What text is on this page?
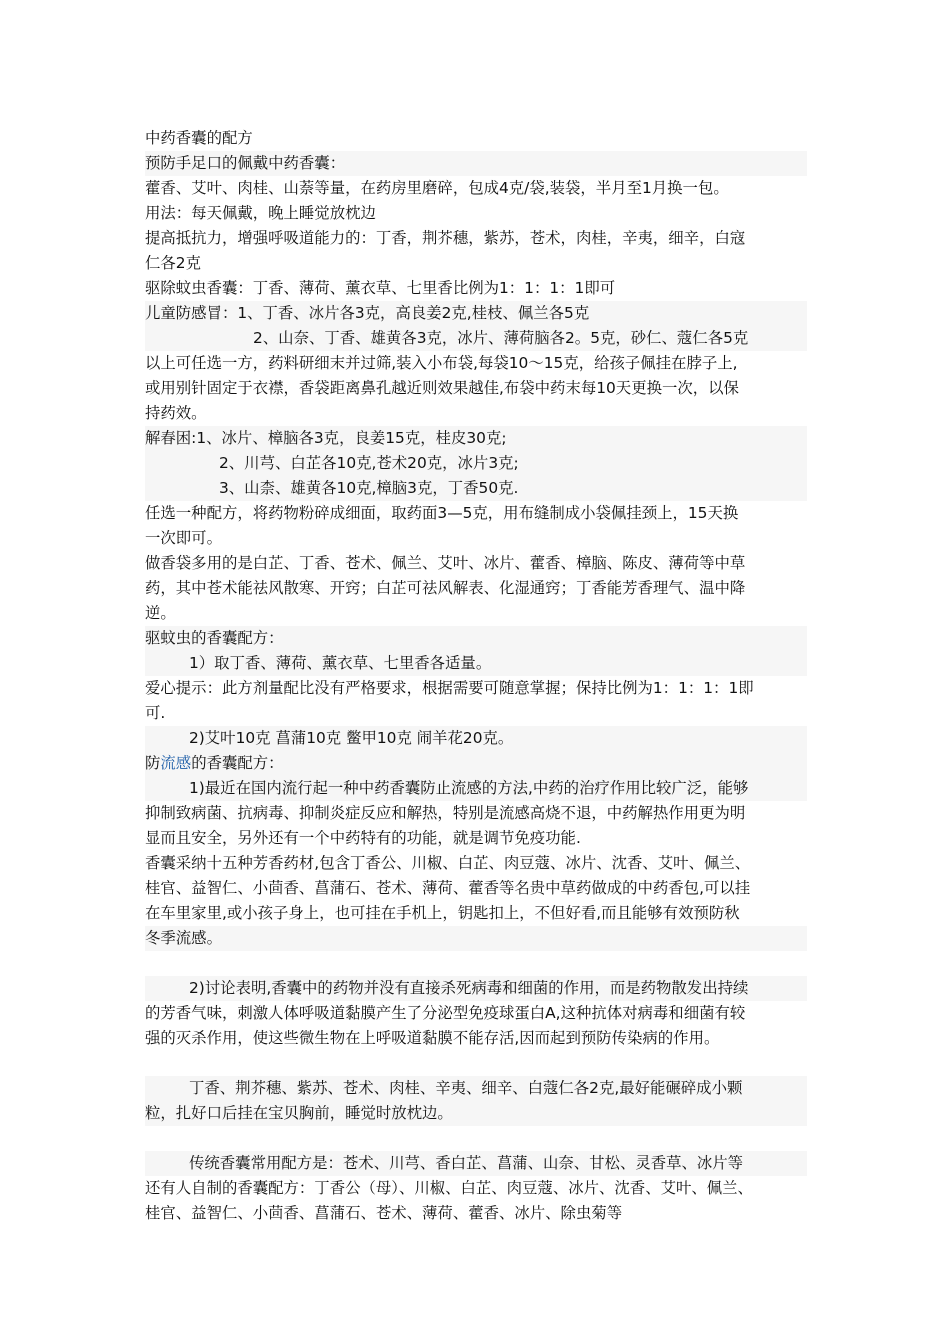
中药香囊的配方
预防手足口的佩戴中药香囊：
藿香、艾叶、肉桂、山萘等量，在药房里磨碎，包成4克/袋,装袋，半月至1月换一包。
用法：每天佩戴，晚上睡觉放枕边
提高抵抗力，增强呼吸道能力的：丁香，荆芥穗，紫苏，苍术，肉桂，辛夷，细辛，白寇
仁各2克
驱除蚊虫香囊：丁香、薄荷、薰衣草、七里香比例为1：1：1：1即可
儿童防感冒：1、丁香、冰片各3克，高良姜2克,桂枝、佩兰各5克
2、山奈、丁香、雄黄各3克，冰片、薄荷脑各2。5克，砂仁、蔻仁各5克
以上可任选一方，药料研细末并过筛,装入小布袋,每袋10～15克，给孩子佩挂在脖子上,
或用别针固定于衣襟，香袋距离鼻孔越近则效果越佳,布袋中药末每10天更换一次，以保
持药效。
解春困:1、冰片、樟脑各3克，良姜15克，桂皮30克;
2、川芎、白芷各10克,苍术20克，冰片3克;
3、山柰、雄黄各10克,樟脑3克，丁香50克.
任选一种配方，将药物粉碎成细面，取药面3—5克，用布缝制成小袋佩挂颈上，15天换
一次即可。
做香袋多用的是白芷、丁香、苍术、佩兰、艾叶、冰片、藿香、樟脑、陈皮、薄荷等中草
药，其中苍术能祛风散寒、开窍；白芷可祛风解表、化湿通窍；丁香能芳香理气、温中降
逆。
驱蚊虫的香囊配方：
1）取丁香、薄荷、薰衣草、七里香各适量。
爱心提示：此方剂量配比没有严格要求，根据需要可随意掌握；保持比例为1：1：1：1即
可.
2)艾叶10克 菖蒲10克 鳖甲10克 闹羊花20克。
防流感的香囊配方：
1)最近在国内流行起一种中药香囊防止流感的方法,中药的治疗作用比较广泛，能够
抑制致病菌、抗病毒、抑制炎症反应和解热，特别是流感高烧不退，中药解热作用更为明
显而且安全，另外还有一个中药特有的功能，就是调节免疫功能.
香囊采纳十五种芳香药材,包含丁香公、川椒、白芷、肉豆蔻、冰片、沈香、艾叶、佩兰、
桂官、益智仁、小茴香、菖蒲石、苍术、薄荷、藿香等名贵中草药做成的中药香包,可以挂
在车里家里,或小孩子身上，也可挂在手机上，钥匙扣上，不但好看,而且能够有效预防秋
冬季流感。
2)讨论表明,香囊中的药物并没有直接杀死病毒和细菌的作用，而是药物散发出持续
的芳香气味，刺激人体呼吸道黏膜产生了分泌型免疫球蛋白A,这种抗体对病毒和细菌有较
强的灭杀作用，使这些微生物在上呼吸道黏膜不能存活,因而起到预防传染病的作用。
丁香、荆芥穗、紫苏、苍术、肉桂、辛夷、细辛、白蔻仁各2克,最好能碾碎成小颗
粒，扎好口后挂在宝贝胸前，睡觉时放枕边。
传统香囊常用配方是：苍术、川芎、香白芷、菖蒲、山奈、甘松、灵香草、冰片等
还有人自制的香囊配方：丁香公（母）、川椒、白芷、肉豆蔻、冰片、沈香、艾叶、佩兰、
桂官、益智仁、小茴香、菖蒲石、苍术、薄荷、藿香、冰片、除虫菊等
